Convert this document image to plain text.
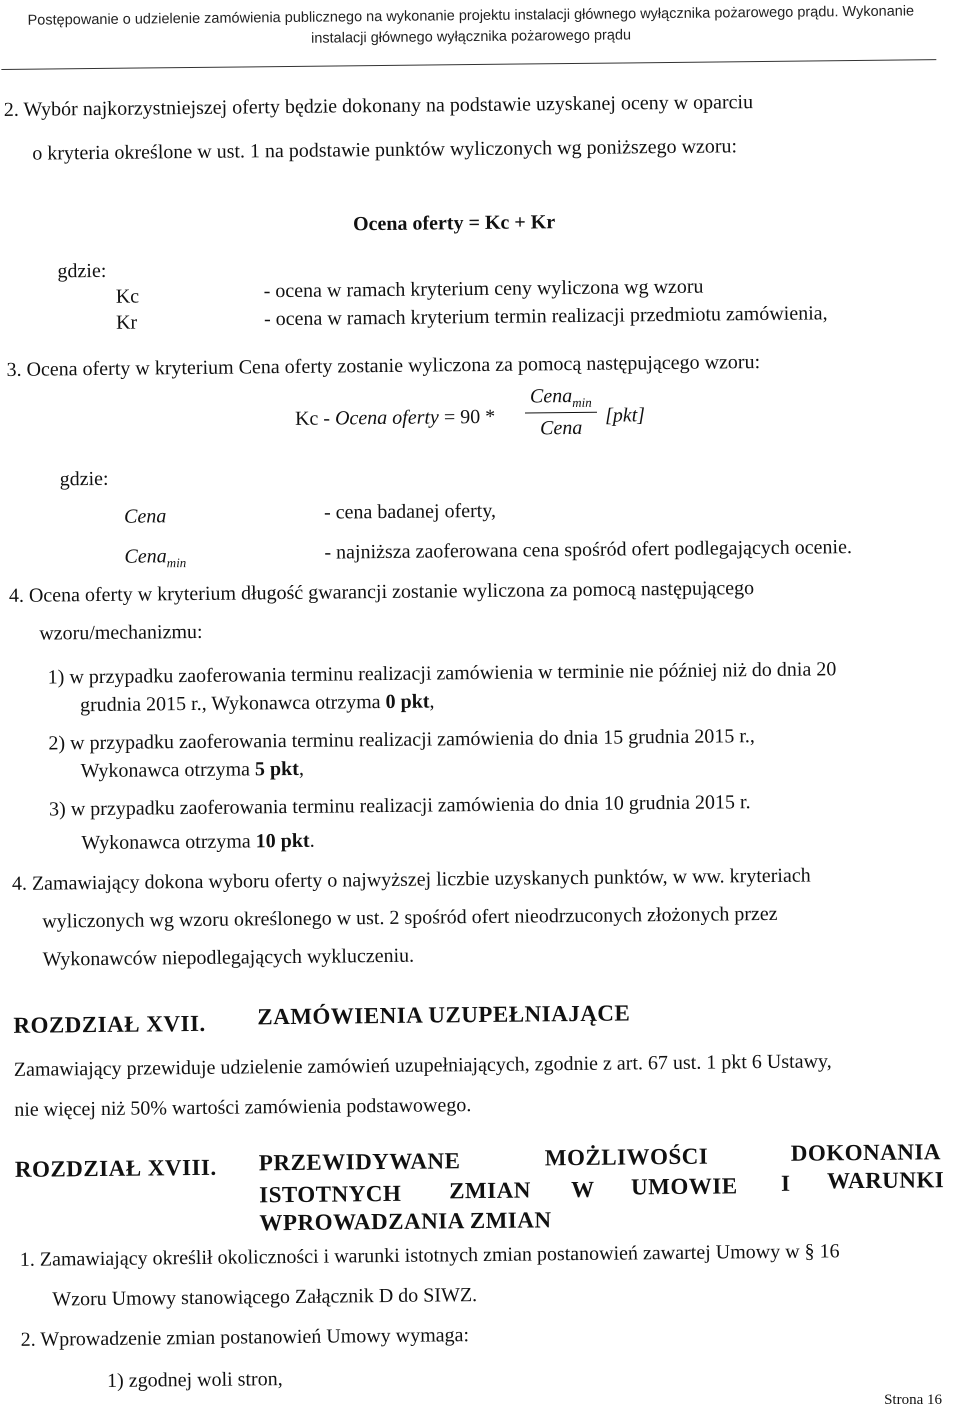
Postępowanie o udzielenie zamówienia publicznego na wykonanie projektu instalacji głównego wyłącznika pożarowego prądu. Wykonanie
instalacji głównego wyłącznika pożarowego prądu
2. Wybór najkorzystniejszej oferty będzie dokonany na podstawie uzyskanej oceny w oparciu
o kryteria określone w ust. 1 na podstawie punktów wyliczonych wg poniższego wzoru:
Ocena oferty = Kc + Kr
gdzie:
Kc	- ocena w ramach kryterium ceny wyliczona wg wzoru
Kr	- ocena w ramach kryterium termin realizacji przedmiotu zamówienia,
3. Ocena oferty w kryterium Cena oferty zostanie wyliczona za pomocą następującego wzoru:
Kc - Ocena oferty = 90 *
Cena$_{min}$
Cena
[pkt]
gdzie:
Cena	- cena badanej oferty,
Cena$_{min}$	- najniższa zaoferowana cena spośród ofert podlegających ocenie.
4. Ocena oferty w kryterium długość gwarancji zostanie wyliczona za pomocą następującego
wzoru/mechanizmu:
1) w przypadku zaoferowania terminu realizacji zamówienia w terminie nie później niż do dnia 20
grudnia 2015 r., Wykonawca otrzyma 0 pkt,
2) w przypadku zaoferowania terminu realizacji zamówienia do dnia 15 grudnia 2015 r.,
Wykonawca otrzyma 5 pkt,
3) w przypadku zaoferowania terminu realizacji zamówienia do dnia 10 grudnia 2015 r.
Wykonawca otrzyma 10 pkt.
4. Zamawiający dokona wyboru oferty o najwyższej liczbie uzyskanych punktów, w ww. kryteriach
wyliczonych wg wzoru określonego w ust. 2 spośród ofert nieodrzuconych złożonych przez
Wykonawców niepodlegających wykluczeniu.
ROZDZIAŁ XVII. ZAMÓWIENIA UZUPEŁNIAJĄCE
Zamawiający przewiduje udzielenie zamówień uzupełniających, zgodnie z art. 67 ust. 1 pkt 6 Ustawy,
nie więcej niż 50% wartości zamówienia podstawowego.
ROZDZIAŁ XVIII. PRZEWIDYWANE	MOŻLIWOŚCI	DOKONANIA
ISTOTNYCH ZMIAN W UMOWIE I WARUNKI
WPROWADZANIA ZMIAN
1. Zamawiający określił okoliczności i warunki istotnych zmian postanowień zawartej Umowy w § 16
Wzoru Umowy stanowiącego Załącznik D do SIWZ.
2. Wprowadzenie zmian postanowień Umowy wymaga:
1) zgodnej woli stron,
Strona 16
